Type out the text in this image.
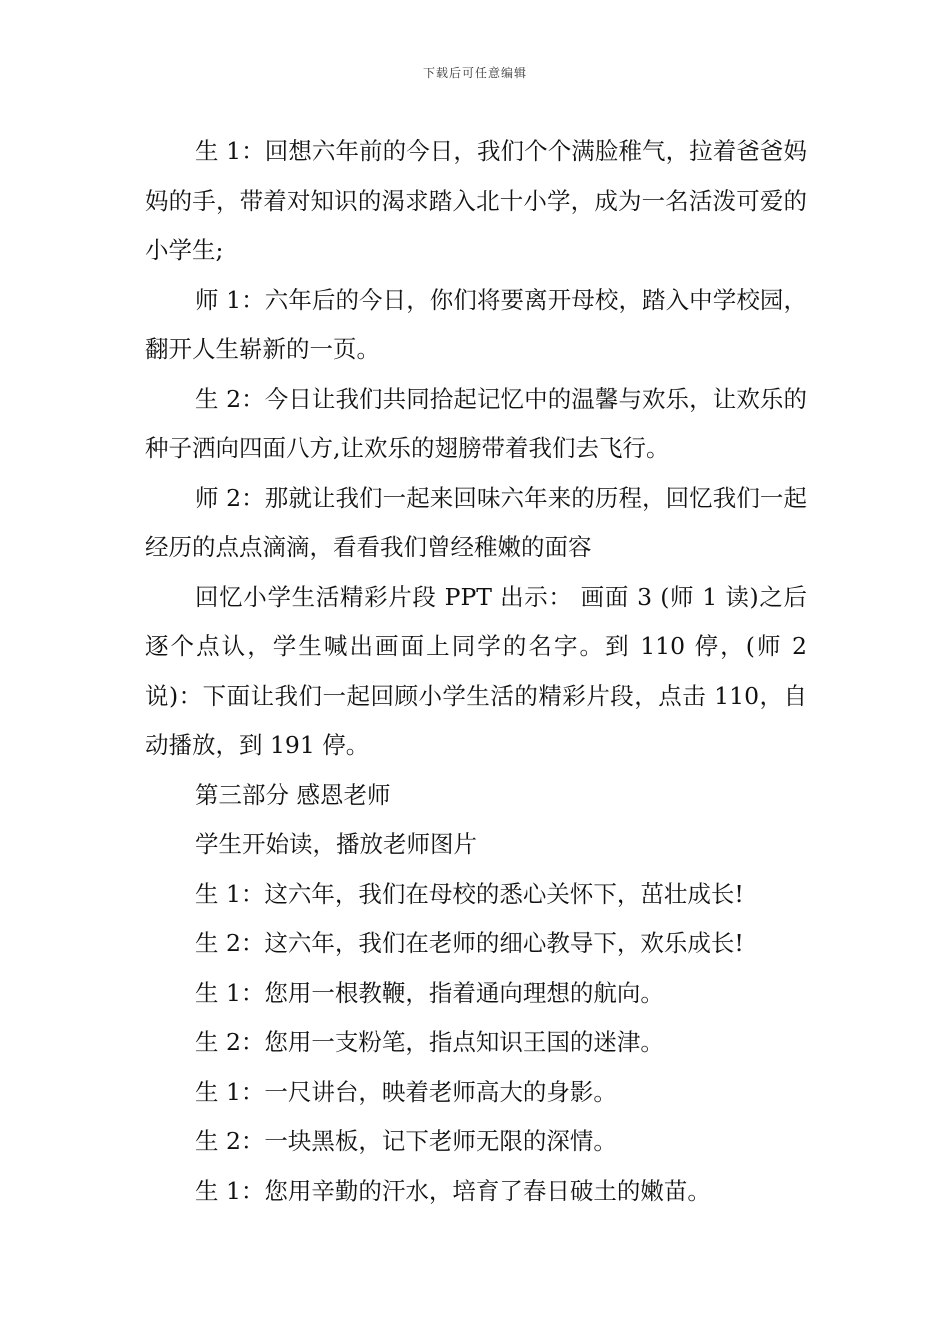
下载后可任意编辑

生 1：回想六年前的今日，我们个个满脸稚气，拉着爸爸妈妈的手，带着对知识的渴求踏入北十小学，成为一名活泼可爱的小学生;

师 1：六年后的今日，你们将要离开母校，踏入中学校园，翻开人生崭新的一页。

生 2：今日让我们共同拾起记忆中的温馨与欢乐，让欢乐的种子洒向四面八方,让欢乐的翅膀带着我们去飞行。

师 2：那就让我们一起来回味六年来的历程，回忆我们一起经历的点点滴滴，看看我们曾经稚嫩的面容

回忆小学生活精彩片段 PPT 出示： 画面 3 (师 1 读)之后逐个点认，学生喊出画面上同学的名字。到 110 停，(师 2 说)：下面让我们一起回顾小学生活的精彩片段，点击 110，自动播放，到 191 停。

第三部分 感恩老师

学生开始读，播放老师图片

生 1：这六年，我们在母校的悉心关怀下，茁壮成长!

生 2：这六年，我们在老师的细心教导下，欢乐成长!

生 1：您用一根教鞭，指着通向理想的航向。

生 2：您用一支粉笔，指点知识王国的迷津。

生 1：一尺讲台，映着老师高大的身影。

生 2：一块黑板，记下老师无限的深情。

生 1：您用辛勤的汗水，培育了春日破土的嫩苗。
